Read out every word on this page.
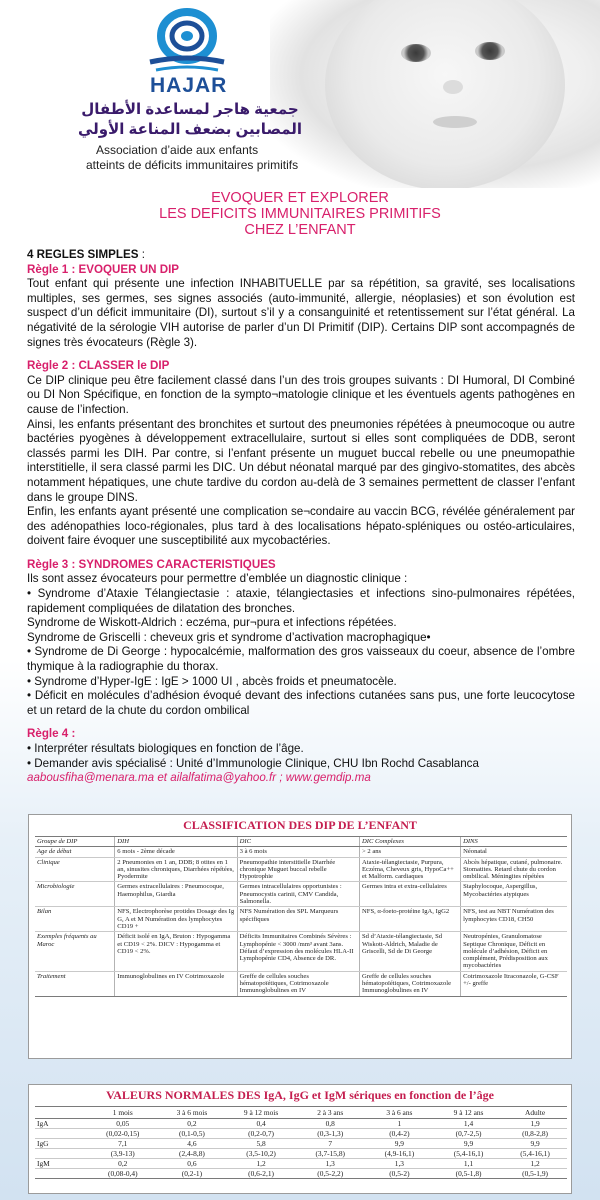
HAJAR
جمعية هاجر لمساعدة الأطفال
المصابين بضعف المناعة الأولي
Association d’aide aux enfants
atteints de déficits immunitaires primitifs
EVOQUER ET EXPLORER
LES DEFICITS IMMUNITAIRES PRIMITIFS
CHEZ L’ENFANT
4 REGLES SIMPLES :
Règle 1 : EVOQUER UN DIP

Tout enfant qui présente une infection INHABITUELLE par sa répétition, sa gravité, ses localisations multiples, ses germes, ses signes associés (auto-immunité, allergie, néoplasies) et son évolution est suspect d’un déficit immunitaire (DI), surtout s’il y a consanguinité et retentissement sur l’état général. La négativité de la sérologie VIH autorise de parler d’un DI Primitif (DIP). Certains DIP sont accompagnés de signes très évocateurs (Règle 3).

Règle 2 : CLASSER le DIP

Ce DIP clinique peu être facilement classé dans l’un des trois groupes suivants : DI Humoral, DI Combiné ou DI Non Spécifique, en fonction de la sympto¬matologie clinique et les éventuels agents pathogènes en cause de l’infection.

Ainsi, les enfants présentant des bronchites et surtout des pneumonies répétées à pneumocoque ou autre bactéries pyogènes à développement extracellulaire, surtout si elles sont compliquées de DDB, seront classés parmi les DIH. Par contre, si l’enfant présente un muguet buccal rebelle ou une pneumopathie interstitielle, il sera classé parmi les DIC. Un début néonatal marqué par des gingivo-stomatites, des abcès notamment hépatiques, une chute tardive du cordon au-delà de 3 semaines permettent de classer l’enfant dans le groupe DINS.

Enfin, les enfants ayant présenté une complication se¬condaire au vaccin BCG, révélée généralement par des adénopathies loco-régionales, plus tard à des localisations hépato-spléniques ou ostéo-articulaires, doivent faire évoquer une susceptibilité aux mycobactéries.

Règle 3 : SYNDROMES CARACTERISTIQUES

Ils sont assez évocateurs pour permettre d’emblée un diagnostic clinique :

• Syndrome d’Ataxie Télangiectasie : ataxie, télangiectasies et infections sino-pulmonaires répétées, rapidement compliquées de dilatation des bronches.

Syndrome de Wiskott-Aldrich : eczéma, pur¬pura et infections répétées.

Syndrome de Griscelli : cheveux gris et syndrome d’activation macrophagique•

• Syndrome de Di George : hypocalcémie, malformation des gros vaisseaux du coeur, absence de l’ombre thymique à la radiographie du thorax.

• Syndrome d’Hyper-IgE : IgE > 1000 UI , abcès froids et pneumatocèle.

• Déficit en molécules d’adhésion évoqué devant des infections cutanées sans pus, une forte leucocytose et un retard de la chute du cordon ombilical

Règle 4 :

• Interpréter résultats biologiques en fonction de l’âge.

• Demander avis spécialisé : Unité d’Immunologie Clinique, CHU Ibn Rochd Casablanca

aabousfiha@menara.ma et ailalfatima@yahoo.fr ; www.gemdip.ma

CLASSIFICATION DES DIP DE L’ENFANT
Groupe de DIP	DIH	DIC	DIC Complexes	DINS
Age de début	6 mois - 2ème décade	3 à 6 mois	> 2 ans	Néonatal
Clinique	2 Pneumonies en 1 an, DDB; 8 otites en 1 an, sinusites chroniques, Diarrhées répétées, Pyodermite	Pneumopathie interstitielle Diarrhée chronique Muguet buccal rebelle Hypotrophie	Ataxie-télangiectasie, Purpura, Eczéma, Cheveux gris, HypoCa++ et Malform. cardiaques	Abcès hépatique, cutané, pulmonaire. Stomatites. Retard chute du cordon ombilical. Méningites répétées
Microbiologie	Germes extracellulaires : Pneumocoque, Haemophilus, Giardia	Germes intracellulaires opportunistes : Pneumocystis carinii, CMV Candida, Salmonella.	Germes intra et extra-cellulaires	Staphylocoque, Aspergillus, Mycobactéries atypiques
Bilan	NFS, Electrophorèse protides Dosage des Ig G, A et M Numération des lymphocytes CD19 +	NFS Numération des SPL Marqueurs spécifiques	NFS, α-foeto-protéine IgA, IgG2	NFS, test au NBT Numération des lymphocytes CD18, CH50
Exemples fréquents au Maroc	Déficit isolé en IgA, Bruton : Hypogamma et CD19 < 2%. DICV : Hypogamma et CD19 < 2%.	Déficits Immunitaires Combinés Sévères : Lymphopénie < 3000 /mm³ avant 3ans. Défaut d’expression des molécules HLA-II Lymphopénie CD4, Absence de DR.	Sd d’Ataxie-télangiectasie, Sd Wiskott-Aldrich, Maladie de Griscelli, Sd de Di George	Neutropénies, Granulomatose Septique Chronique, Déficit en molécule d’adhésion, Déficit en complément, Prédisposition aux mycobactéries
Traitement	Immunoglobulines en IV Cotrimoxazole	Greffe de cellules souches hématopoïétiques, Cotrimoxazole Immunoglobulines en IV	Greffe de cellules souches hématopoïétiques, Cotrimoxazole Immunoglobulines en IV	Cotrimoxazole Itraconazole, G-CSF +/- greffe
VALEURS NORMALES DES IgA, IgG et IgM sériques en fonction de l’âge
	1 mois	3 à 6 mois	9 à 12 mois	2 à 3 ans	3 à 6 ans	9 à 12 ans	Adulte
IgA	0,05	0,2	0,4	0,8	1	1,4	1,9
	(0,02-0,15)	(0,1-0,5)	(0,2-0,7)	(0,3-1,3)	(0,4-2)	(0,7-2,5)	(0,8-2,8)
IgG	7,1	4,6	5,8	7	9,9	9,9	9,9
	(3,9-13)	(2,4-8,8)	(3,5-10,2)	(3,7-15,8)	(4,9-16,1)	(5,4-16,1)	(5,4-16,1)
IgM	0,2	0,6	1,2	1,3	1,3	1,1	1,2
	(0,08-0,4)	(0,2-1)	(0,6-2,1)	(0,5-2,2)	(0,5-2)	(0,5-1,8)	(0,5-1,9)
